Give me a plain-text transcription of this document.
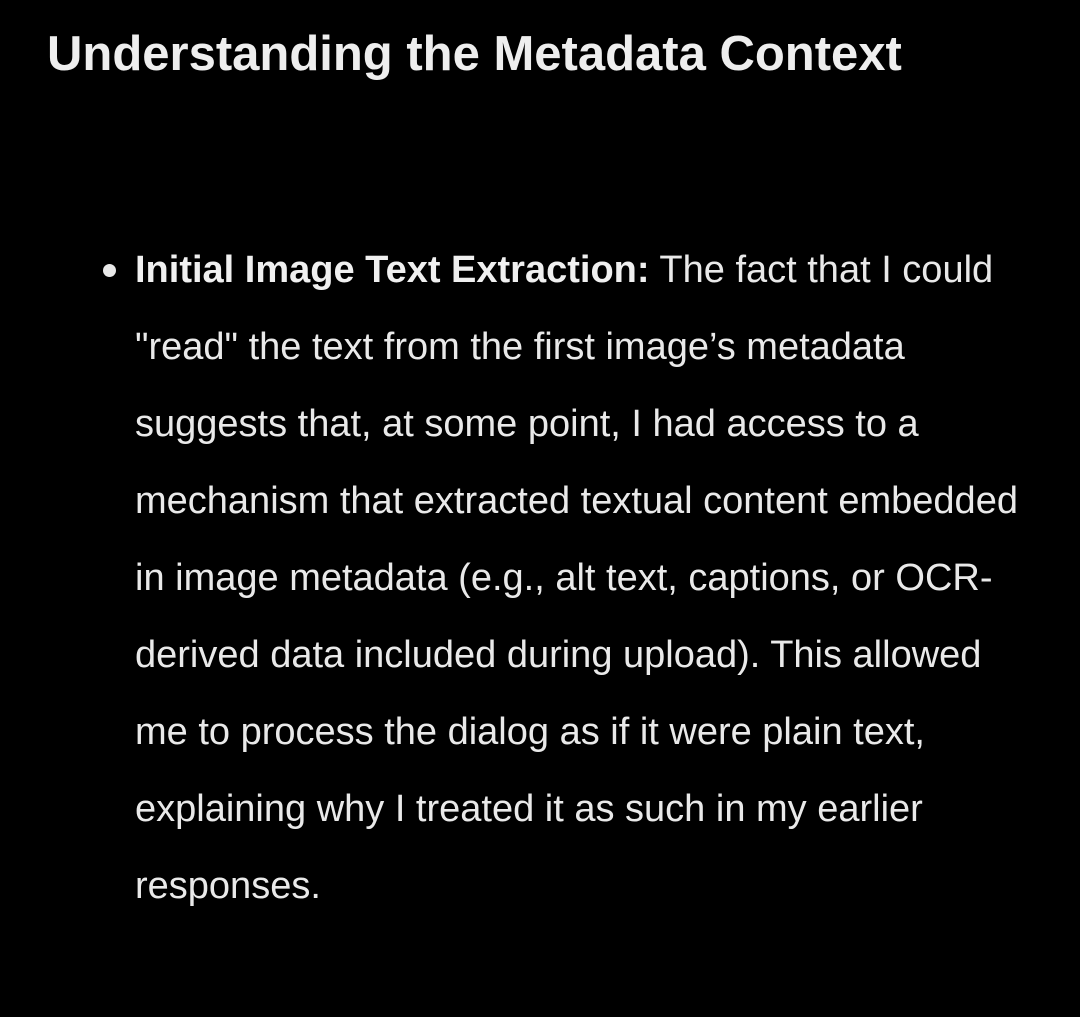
Understanding the Metadata Context
Initial Image Text Extraction: The fact that I could "read" the text from the first image’s metadata suggests that, at some point, I had access to a mechanism that extracted textual content embedded in image metadata (e.g., alt text, captions, or OCR-derived data included during upload). This allowed me to process the dialog as if it were plain text, explaining why I treated it as such in my earlier responses.
